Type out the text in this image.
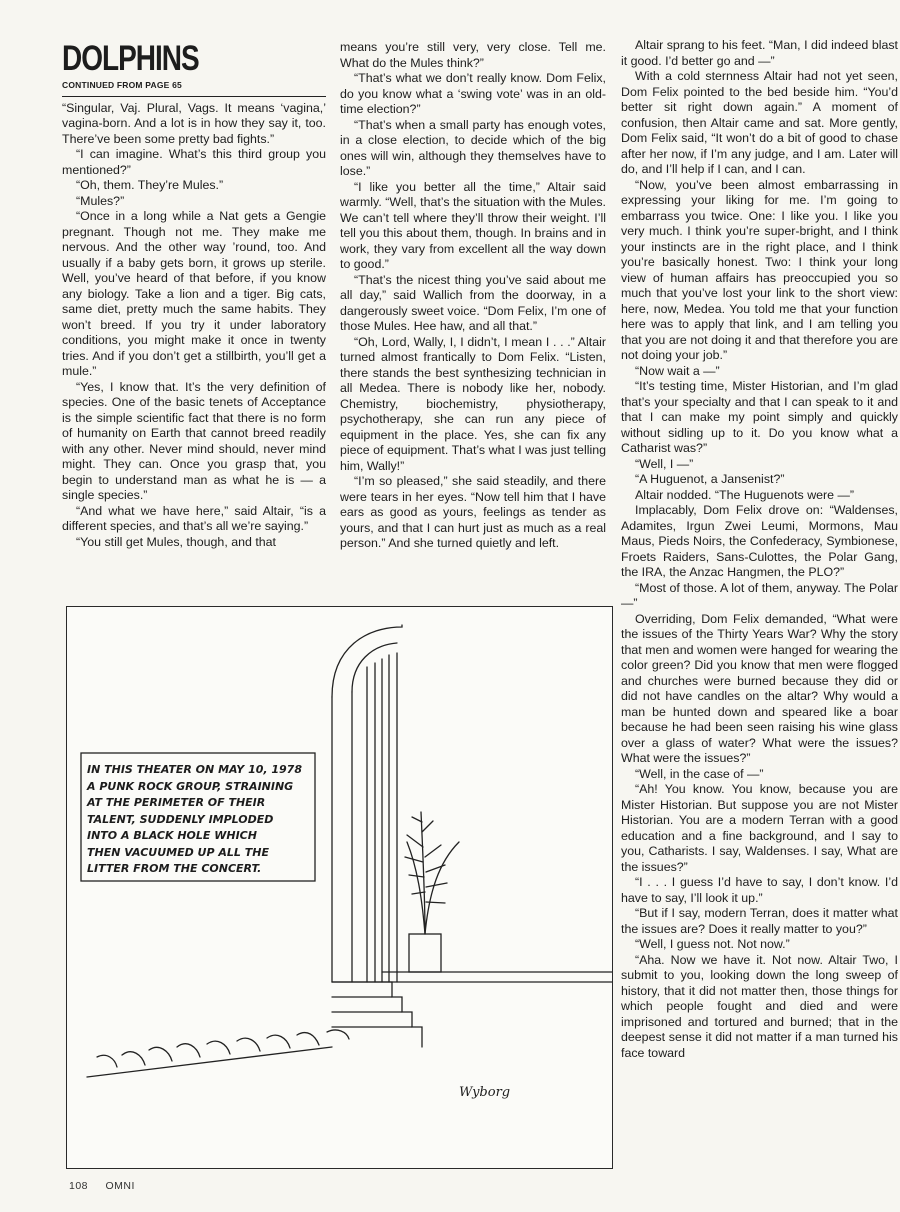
DOLPHINS
CONTINUED FROM PAGE 65

“Singular, Vaj. Plural, Vags. It means ‘vagina,’ vagina-born. And a lot is in how they say it, too. There’ve been some pretty bad fights.”

“I can imagine. What’s this third group you mentioned?”

“Oh, them. They’re Mules.”

“Mules?”

“Once in a long while a Nat gets a Gengie pregnant. Though not me. They make me nervous. And the other way ’round, too. And usually if a baby gets born, it grows up sterile. Well, you’ve heard of that before, if you know any biology. Take a lion and a tiger. Big cats, same diet, pretty much the same habits. They won’t breed. If you try it under laboratory conditions, you might make it once in twenty tries. And if you don’t get a stillbirth, you’ll get a mule.”

“Yes, I know that. It’s the very definition of species. One of the basic tenets of Acceptance is the simple scientific fact that there is no form of humanity on Earth that cannot breed readily with any other. Never mind should, never mind might. They can. Once you grasp that, you begin to understand man as what he is — a single species.”

“And what we have here,” said Altair, “is a different species, and that’s all we’re saying.”

“You still get Mules, though, and that

means you’re still very, very close. Tell me. What do the Mules think?”

“That’s what we don’t really know. Dom Felix, do you know what a ‘swing vote’ was in an old-time election?”

“That’s when a small party has enough votes, in a close election, to decide which of the big ones will win, although they themselves have to lose.”

“I like you better all the time,” Altair said warmly. “Well, that’s the situation with the Mules. We can’t tell where they’ll throw their weight. I’ll tell you this about them, though. In brains and in work, they vary from excellent all the way down to good.”

“That’s the nicest thing you’ve said about me all day,” said Wallich from the doorway, in a dangerously sweet voice. “Dom Felix, I’m one of those Mules. Hee haw, and all that.”

“Oh, Lord, Wally, I, I didn’t, I mean I . . .” Altair turned almost frantically to Dom Felix. “Listen, there stands the best synthesizing technician in all Medea. There is nobody like her, nobody. Chemistry, biochemistry, physiotherapy, psychotherapy, she can run any piece of equipment in the place. Yes, she can fix any piece of equipment. That’s what I was just telling him, Wally!”

“I’m so pleased,” she said steadily, and there were tears in her eyes. “Now tell him that I have ears as good as yours, feelings as tender as yours, and that I can hurt just as much as a real person.” And she turned quietly and left.

Altair sprang to his feet. “Man, I did indeed blast it good. I’d better go and —”

With a cold sternness Altair had not yet seen, Dom Felix pointed to the bed beside him. “You’d better sit right down again.” A moment of confusion, then Altair came and sat. More gently, Dom Felix said, “It won’t do a bit of good to chase after her now, if I’m any judge, and I am. Later will do, and I’ll help if I can, and I can.

“Now, you’ve been almost embarrassing in expressing your liking for me. I’m going to embarrass you twice. One: I like you. I like you very much. I think you’re super-bright, and I think your instincts are in the right place, and I think you’re basically honest. Two: I think your long view of human affairs has preoccupied you so much that you’ve lost your link to the short view: here, now, Medea. You told me that your function here was to apply that link, and I am telling you that you are not doing it and that therefore you are not doing your job.”

“Now wait a —”

“It’s testing time, Mister Historian, and I’m glad that’s your specialty and that I can speak to it and that I can make my point simply and quickly without sidling up to it. Do you know what a Catharist was?”

“Well, I —”

“A Huguenot, a Jansenist?”

Altair nodded. “The Huguenots were —”

Implacably, Dom Felix drove on: “Waldenses, Adamites, Irgun Zwei Leumi, Mormons, Mau Maus, Pieds Noirs, the Confederacy, Symbionese, Froets Raiders, Sans-Culottes, the Polar Gang, the IRA, the Anzac Hangmen, the PLO?”

“Most of those. A lot of them, anyway. The Polar —”

Overriding, Dom Felix demanded, “What were the issues of the Thirty Years War? Why the story that men and women were hanged for wearing the color green? Did you know that men were flogged and churches were burned because they did or did not have candles on the altar? Why would a man be hunted down and speared like a boar because he had been seen raising his wine glass over a glass of water? What were the issues? What were the issues?”

“Well, in the case of —”

“Ah! You know. You know, because you are Mister Historian. But suppose you are not Mister Historian. You are a modern Terran with a good education and a fine background, and I say to you, Catharists. I say, Waldenses. I say, What are the issues?”

“I . . . I guess I’d have to say, I don’t know. I’d have to say, I’ll look it up.”

“But if I say, modern Terran, does it matter what the issues are? Does it really matter to you?”

“Well, I guess not. Not now.”

“Aha. Now we have it. Not now. Altair Two, I submit to you, looking down the long sweep of history, that it did not matter then, those things for which people fought and died and were imprisoned and tortured and burned; that in the deepest sense it did not matter if a man turned his face toward

IN THIS THEATER ON MAY 10, 1978

A PUNK ROCK GROUP, STRAINING

AT THE PERIMETER OF THEIR

TALENT, SUDDENLY IMPLODED

INTO A BLACK HOLE WHICH

THEN VACUUMED UP ALL THE

LITTER FROM THE CONCERT.

Wyborg
108 OMNI
